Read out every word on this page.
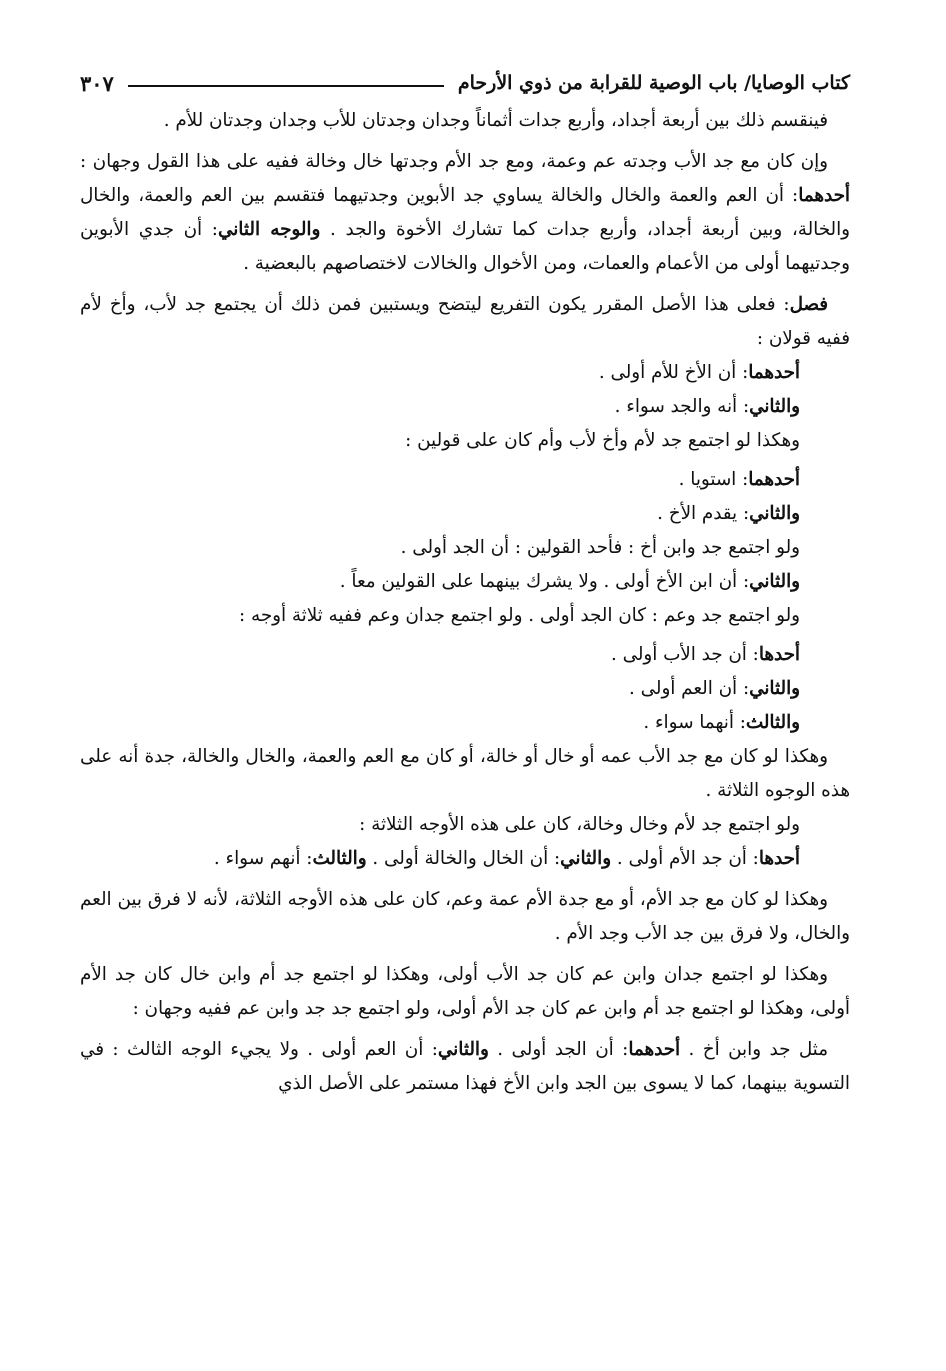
كتاب الوصايا/ باب الوصية للقرابة من ذوي الأرحام
٣٠٧

فينقسم ذلك بين أربعة أجداد، وأربع جدات أثماناً وجدان وجدتان للأب وجدان وجدتان للأم .

وإن كان مع جد الأب وجدته عم وعمة، ومع جد الأم وجدتها خال وخالة ففيه على هذا القول وجهان : أحدهما: أن العم والعمة والخال والخالة يساوي جد الأبوين وجدتيهما فتقسم بين العم والعمة، والخال والخالة، وبين أربعة أجداد، وأربع جدات كما تشارك الأخوة والجد . والوجه الثاني: أن جدي الأبوين وجدتيهما أولى من الأعمام والعمات، ومن الأخوال والخالات لاختصاصهم بالبعضية .

فصل: فعلى هذا الأصل المقرر يكون التفريع ليتضح ويستبين فمن ذلك أن يجتمع جد لأب، وأخ لأم ففيه قولان :

أحدهما: أن الأخ للأم أولى .

والثاني: أنه والجد سواء .

وهكذا لو اجتمع جد لأم وأخ لأب وأم كان على قولين :

أحدهما: استويا .

والثاني: يقدم الأخ .

ولو اجتمع جد وابن أخ : فأحد القولين : أن الجد أولى .

والثاني: أن ابن الأخ أولى . ولا يشرك بينهما على القولين معاً .

ولو اجتمع جد وعم : كان الجد أولى . ولو اجتمع جدان وعم ففيه ثلاثة أوجه :

أحدها: أن جد الأب أولى .

والثاني: أن العم أولى .

والثالث: أنهما سواء .

وهكذا لو كان مع جد الأب عمه أو خال أو خالة، أو كان مع العم والعمة، والخال والخالة، جدة أنه على هذه الوجوه الثلاثة .

ولو اجتمع جد لأم وخال وخالة، كان على هذه الأوجه الثلاثة :

أحدها: أن جد الأم أولى . والثاني: أن الخال والخالة أولى . والثالث: أنهم سواء .

وهكذا لو كان مع جد الأم، أو مع جدة الأم عمة وعم، كان على هذه الأوجه الثلاثة، لأنه لا فرق بين العم والخال، ولا فرق بين جد الأب وجد الأم .

وهكذا لو اجتمع جدان وابن عم كان جد الأب أولى، وهكذا لو اجتمع جد أم وابن خال كان جد الأم أولى، وهكذا لو اجتمع جد أم وابن عم كان جد الأم أولى، ولو اجتمع جد جد وابن عم ففيه وجهان :

مثل جد وابن أخ . أحدهما: أن الجد أولى . والثاني: أن العم أولى . ولا يجيء الوجه الثالث : في التسوية بينهما، كما لا يسوى بين الجد وابن الأخ فهذا مستمر على الأصل الذي
